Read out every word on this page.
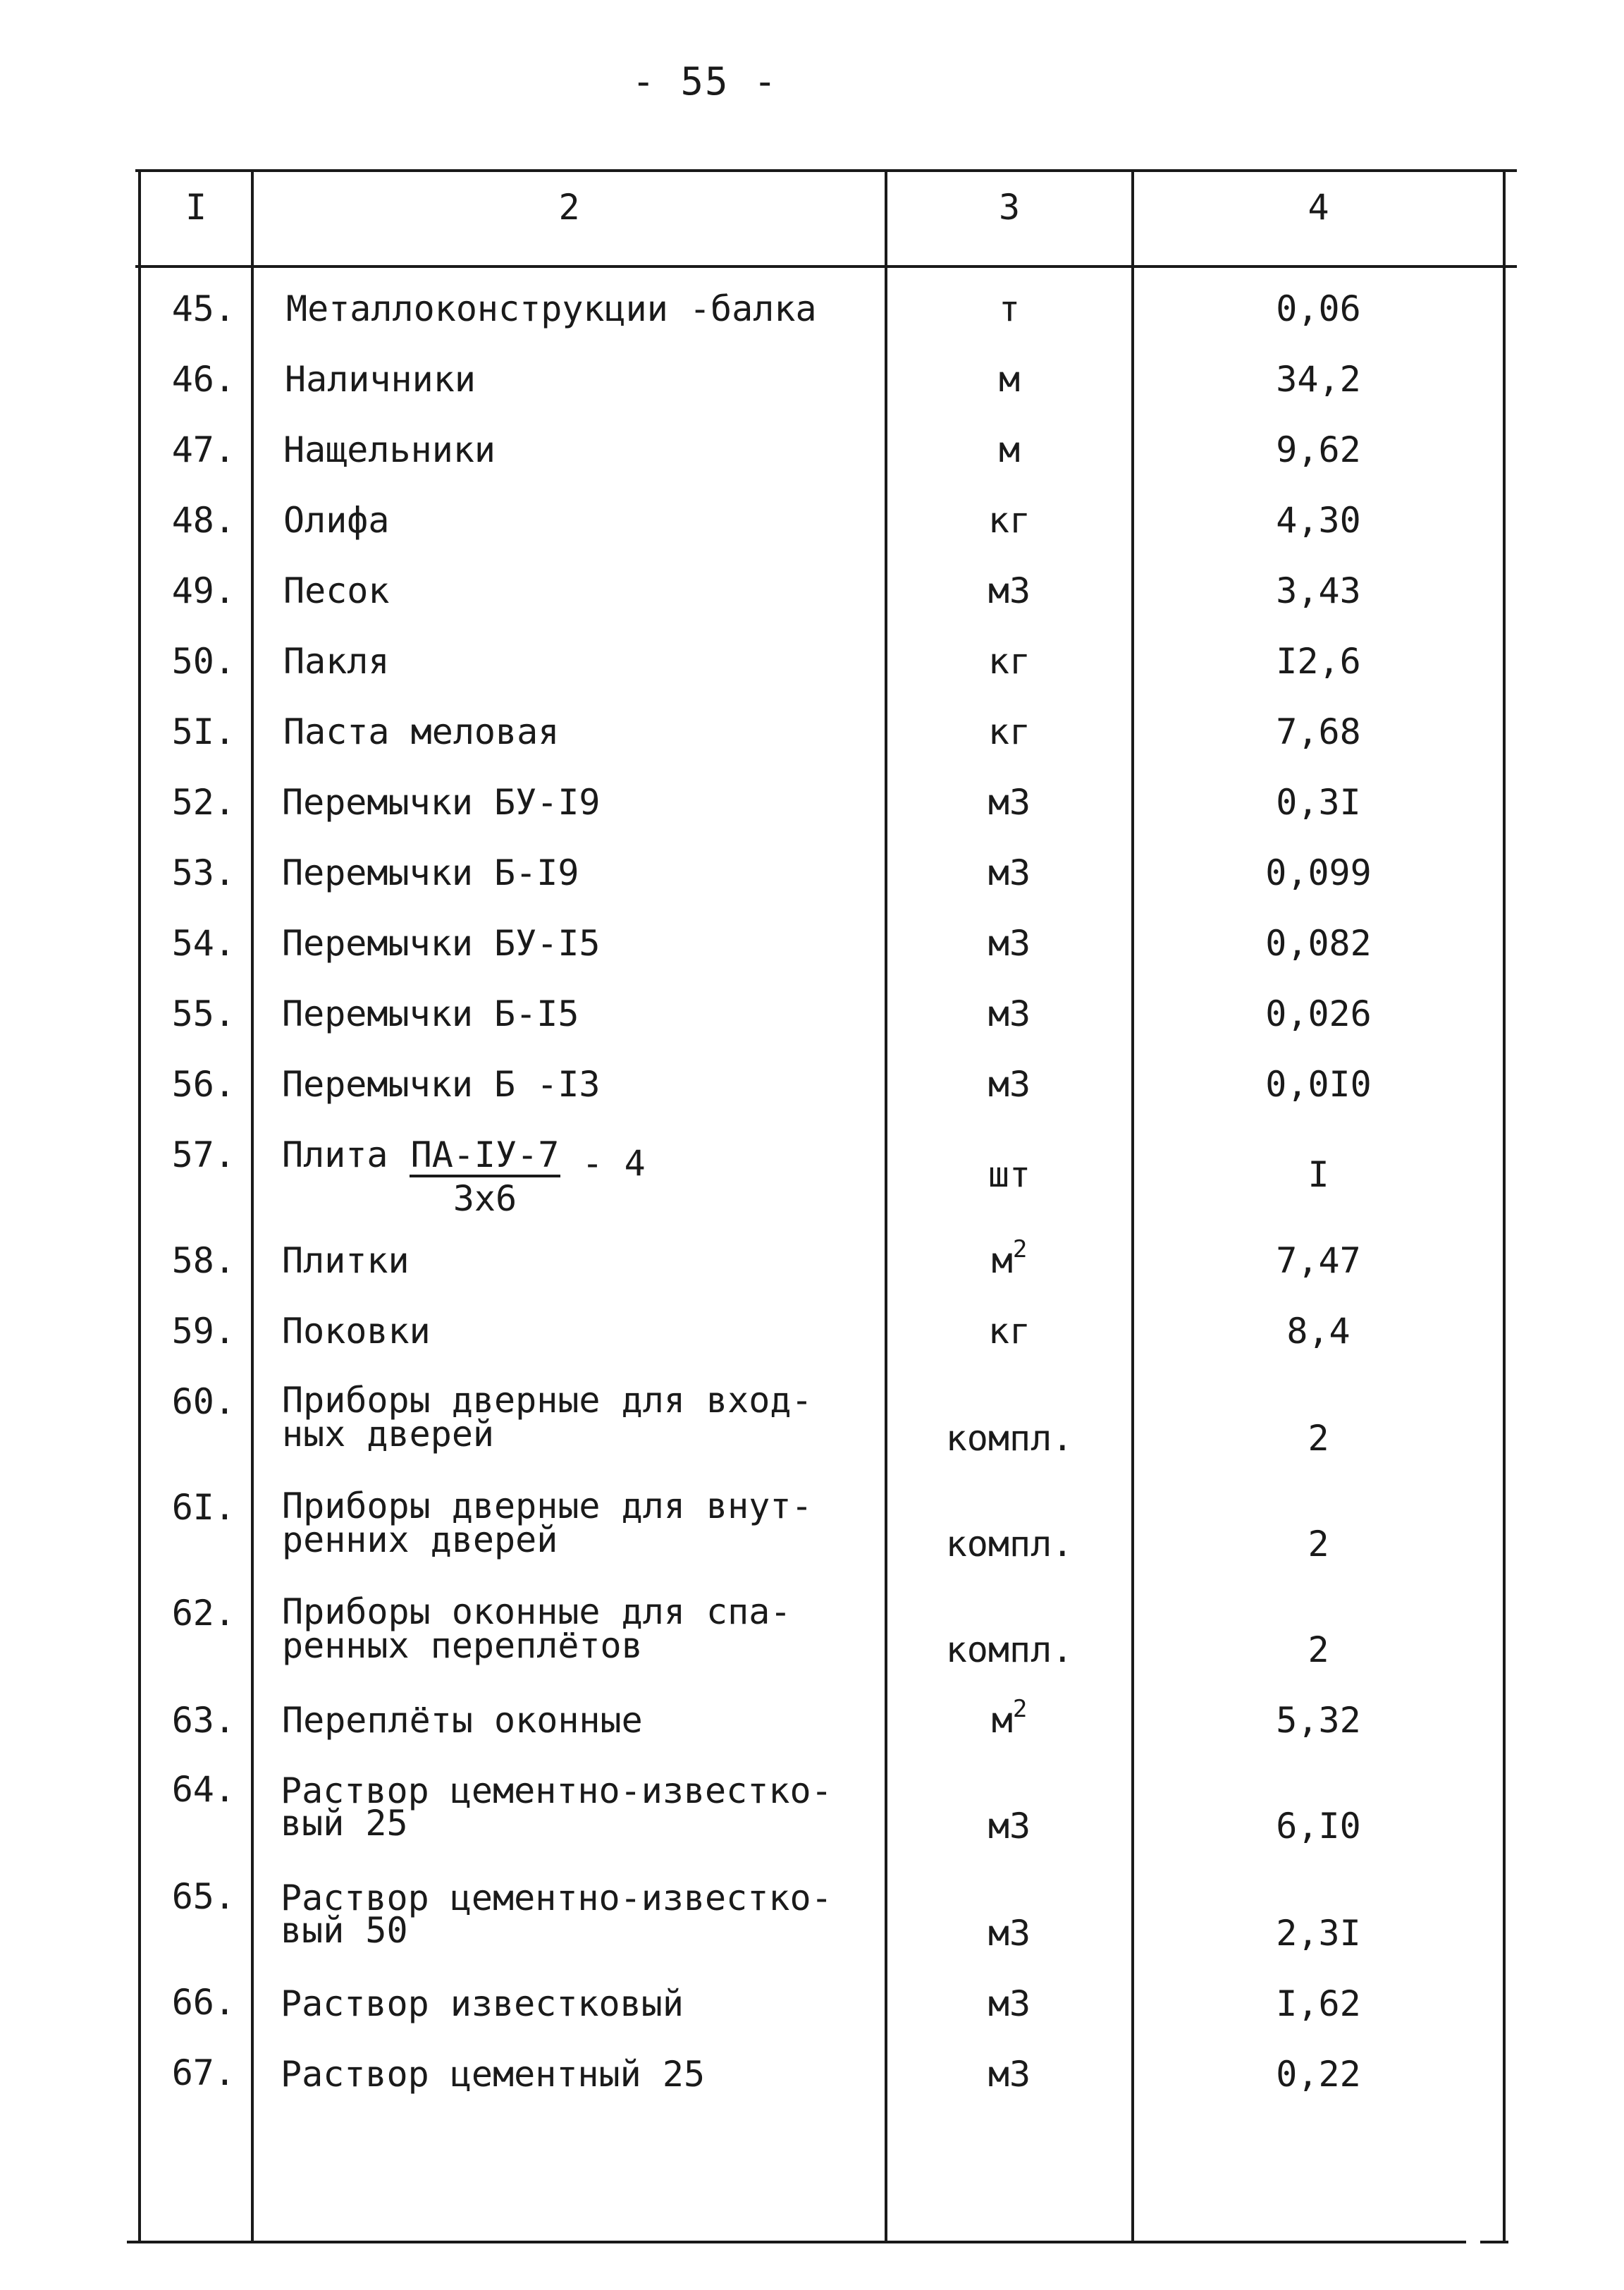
- 55 -
I	2	3	4
45. Металлоконструкции -балка	т	0,06
46. Наличники	м	34,2
47. Нащельники	м	9,62
48. Олифа	кг	4,30
49. Песок	м3	3,43
50. Пакля	кг	I2,6
5I. Паста меловая	кг	7,68
52. Перемычки БУ-I9	м3	0,3I
53. Перемычки Б-I9	м3	0,099
54. Перемычки БУ-I5	м3	0,082
55. Перемычки Б-I5	м3	0,026
56. Перемычки Б -I3	м3	0,0I0
57. Плита $\frac{ПА-IУ-7}{3х6} - 4$	шт	I
58. Плитки	$м^2$	7,47
59. Поковки	кг	8,4
60. Приборы дверные для вход-
ных дверей	компл.	2
6I. Приборы дверные для внут-
ренних дверей	компл.	2
62. Приборы оконные для спа-
ренных переплётов	компл.	2
63. Переплёты оконные	$м^2$	5,32
64. Раствор цементно-известко-
вый 25	м3	6,I0
65. Раствор цементно-известко-
вый 50	м3	2,3I
66. Раствор известковый	м3	I,62
67. Раствор цементный 25	м3	0,22
